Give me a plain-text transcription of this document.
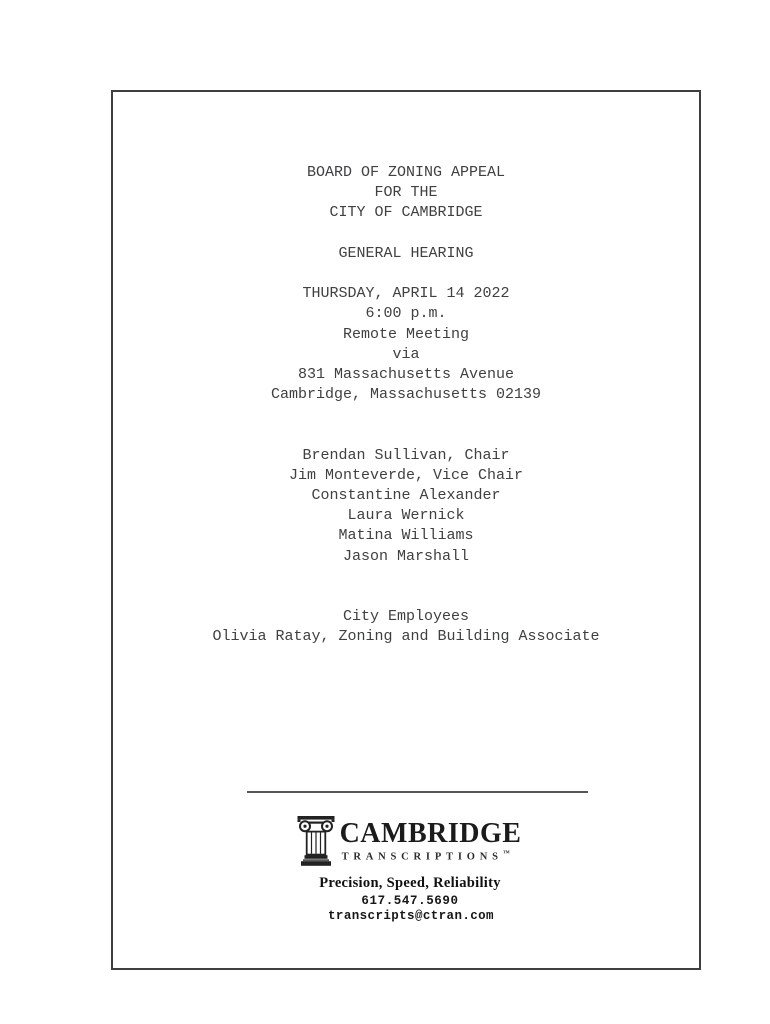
BOARD OF ZONING APPEAL
FOR THE
CITY OF CAMBRIDGE

GENERAL HEARING

THURSDAY, APRIL 14 2022
6:00 p.m.
Remote Meeting
via
831 Massachusetts Avenue
Cambridge, Massachusetts 02139

Brendan Sullivan, Chair
Jim Monteverde, Vice Chair
Constantine Alexander
Laura Wernick
Matina Williams
Jason Marshall

City Employees
Olivia Ratay, Zoning and Building Associate
CAMBRIDGE
TRANSCRIPTIONS™
Precision, Speed, Reliability
617.547.5690
transcripts@ctran.com
